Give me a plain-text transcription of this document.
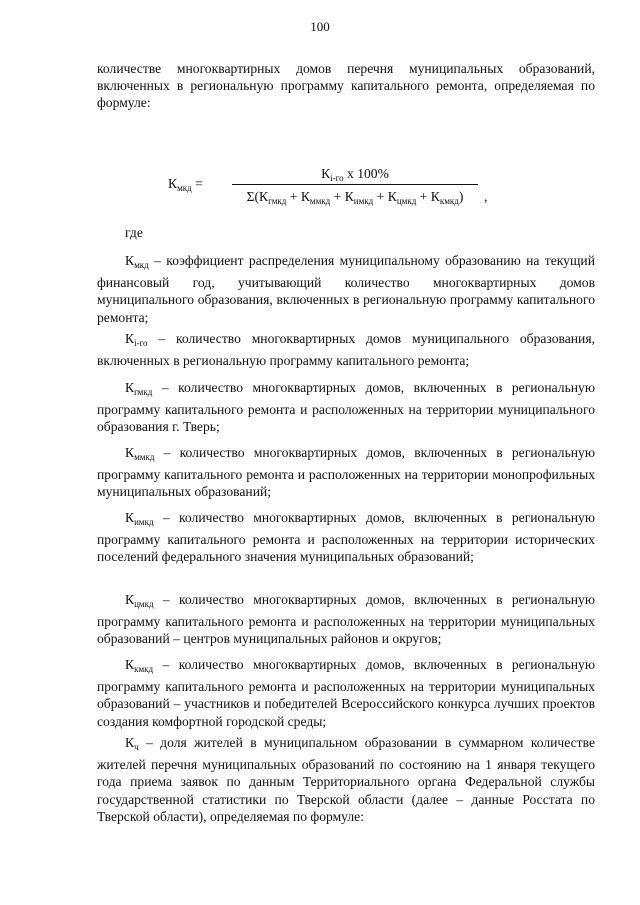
100

количестве многоквартирных домов перечня муниципальных образований, включенных в региональную программу капитального ремонта, определяемая по формуле:

$К_{мкд}$ =
$К_{i-го}$ х 100%
$\Sigma(К_{гмкд} + К_{ммкд} + К_{имкд} + К_{цмкд} + К_{кмкд})$	,

где

$К_{мкд}$ – коэффициент распределения муниципальному образованию на текущий финансовый год, учитывающий количество многоквартирных домов муниципального образования, включенных в региональную программу капитального ремонта;

$К_{i-го}$ – количество многоквартирных домов муниципального образования, включенных в региональную программу капитального ремонта;

$К_{гмкд}$ – количество многоквартирных домов, включенных в региональную программу капитального ремонта и расположенных на территории муниципального образования г. Тверь;

$К_{ммкд}$ – количество многоквартирных домов, включенных в региональную программу капитального ремонта и расположенных на территории монопрофильных муниципальных образований;

$К_{имкд}$ – количество многоквартирных домов, включенных в региональную программу капитального ремонта и расположенных на территории исторических поселений федерального значения муниципальных образований;

$К_{цмкд}$ – количество многоквартирных домов, включенных в региональную программу капитального ремонта и расположенных на территории муниципальных образований – центров муниципальных районов и округов;

$К_{кмкд}$ – количество многоквартирных домов, включенных в региональную программу капитального ремонта и расположенных на территории муниципальных образований – участников и победителей Всероссийского конкурса лучших проектов создания комфортной городской среды;

$К_ч$ – доля жителей в муниципальном образовании в суммарном количестве жителей перечня муниципальных образований по состоянию на 1 января текущего года приема заявок по данным Территориального органа Федеральной службы государственной статистики по Тверской области (далее – данные Росстата по Тверской области), определяемая по формуле:
